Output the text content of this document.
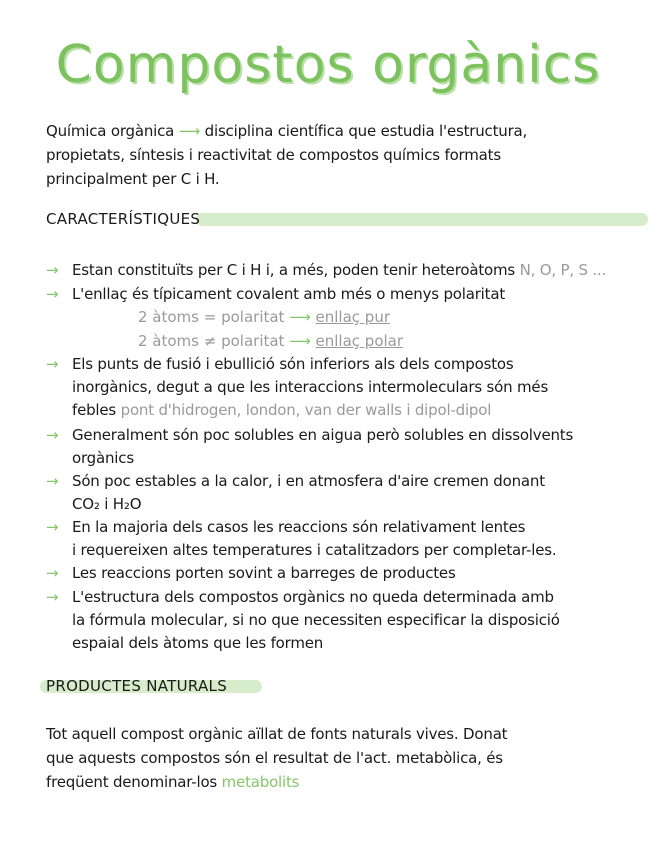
Compostos orgànics
Química orgànica ⟶ disciplina científica que estudia l'estructura,
propietats, síntesis i reactivitat de compostos químics formats
principalment per C i H.
CARACTERÍSTIQUES
→ Estan constituïts per C i H i, a més, poden tenir heteroàtoms N, O, P, S ...
→ L'enllaç és típicament covalent amb més o menys polaritat
2 àtoms = polaritat ⟶ enllaç pur
2 àtoms ≠ polaritat ⟶ enllaç polar
→ Els punts de fusió i ebullició són inferiors als dels compostos
inorgànics, degut a que les interaccions intermoleculars són més
febles pont d'hidrogen, london, van der walls i dipol-dipol
→ Generalment són poc solubles en aigua però solubles en dissolvents
orgànics
→ Són poc estables a la calor, i en atmosfera d'aire cremen donant
CO₂ i H₂O
→ En la majoria dels casos les reaccions són relativament lentes
i requereixen altes temperatures i catalitzadors per completar-les.
→ Les reaccions porten sovint a barreges de productes
→ L'estructura dels compostos orgànics no queda determinada amb
la fórmula molecular, si no que necessiten especificar la disposició
espaial dels àtoms que les formen
PRODUCTES NATURALS
Tot aquell compost orgànic aïllat de fonts naturals vives. Donat
que aquests compostos són el resultat de l'act. metabòlica, és
freqüent denominar-los metabolits
